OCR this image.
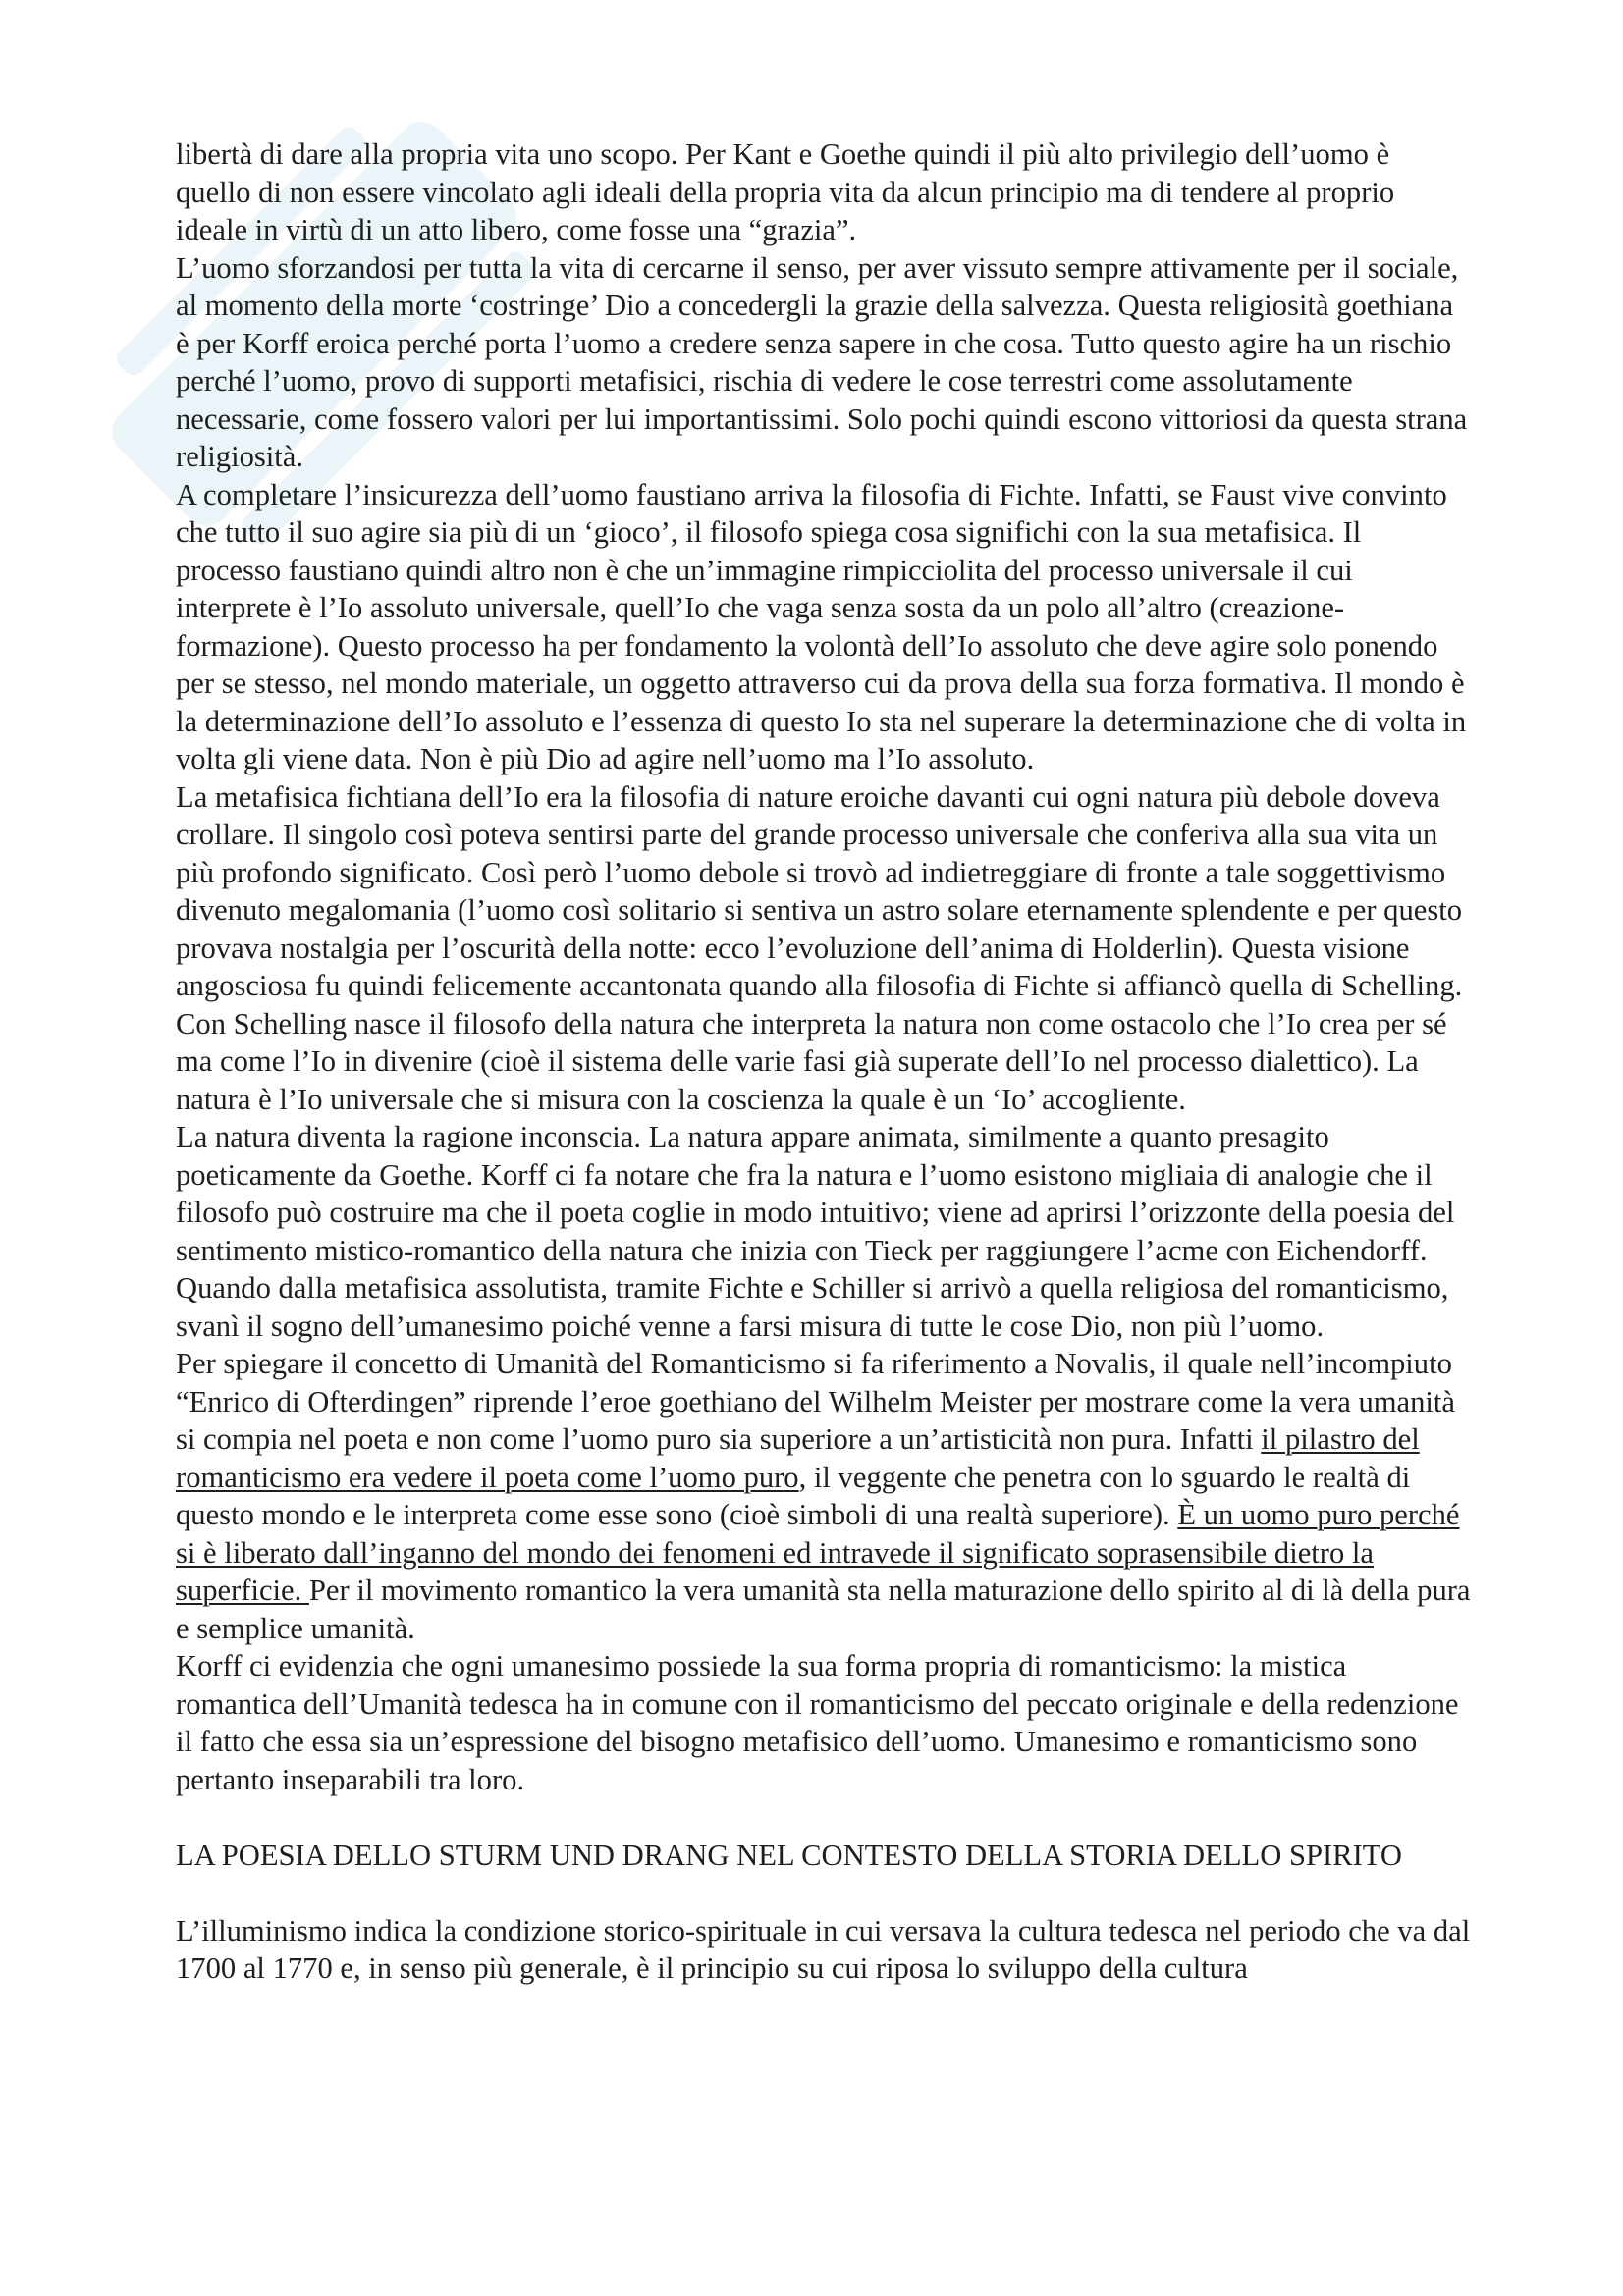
libertà di dare alla propria vita uno scopo. Per Kant e Goethe quindi il più alto privilegio dell’uomo è quello di non essere vincolato agli ideali della propria vita da alcun principio ma di tendere al proprio ideale in virtù di un atto libero, come fosse una “grazia”.

L’uomo sforzandosi per tutta la vita di cercarne il senso, per aver vissuto sempre attivamente per il sociale, al momento della morte ‘costringe’ Dio a concedergli la grazie della salvezza. Questa religiosità goethiana è per Korff eroica perché porta l’uomo a credere senza sapere in che cosa. Tutto questo agire ha un rischio perché l’uomo, provo di supporti metafisici, rischia di vedere le cose terrestri come assolutamente necessarie, come fossero valori per lui importantissimi. Solo pochi quindi escono vittoriosi da questa strana religiosità.

A completare l’insicurezza dell’uomo faustiano arriva la filosofia di Fichte. Infatti, se Faust vive convinto che tutto il suo agire sia più di un ‘gioco’, il filosofo spiega cosa significhi con la sua metafisica. Il processo faustiano quindi altro non è che un’immagine rimpicciolita del processo universale il cui interprete è l’Io assoluto universale, quell’Io che vaga senza sosta da un polo all’altro (creazione-formazione). Questo processo ha per fondamento la volontà dell’Io assoluto che deve agire solo ponendo per se stesso, nel mondo materiale, un oggetto attraverso cui da prova della sua forza formativa. Il mondo è la determinazione dell’Io assoluto e l’essenza di questo Io sta nel superare la determinazione che di volta in volta gli viene data. Non è più Dio ad agire nell’uomo ma l’Io assoluto.

La metafisica fichtiana dell’Io era la filosofia di nature eroiche davanti cui ogni natura più debole doveva crollare. Il singolo così poteva sentirsi parte del grande processo universale che conferiva alla sua vita un più profondo significato. Così però l’uomo debole si trovò ad indietreggiare di fronte a tale soggettivismo divenuto megalomania (l’uomo così solitario si sentiva un astro solare eternamente splendente e per questo provava nostalgia per l’oscurità della notte: ecco l’evoluzione dell’anima di Holderlin). Questa visione angosciosa fu quindi felicemente accantonata quando alla filosofia di Fichte si affiancò quella di Schelling. Con Schelling nasce il filosofo della natura che interpreta la natura non come ostacolo che l’Io crea per sé ma come l’Io in divenire (cioè il sistema delle varie fasi già superate dell’Io nel processo dialettico). La natura è l’Io universale che si misura con la coscienza la quale è un ‘Io’ accogliente.

La natura diventa la ragione inconscia. La natura appare animata, similmente a quanto presagito poeticamente da Goethe. Korff ci fa notare che fra la natura e l’uomo esistono migliaia di analogie che il filosofo può costruire ma che il poeta coglie in modo intuitivo; viene ad aprirsi l’orizzonte della poesia del sentimento mistico-romantico della natura che inizia con Tieck per raggiungere l’acme con Eichendorff. Quando dalla metafisica assolutista, tramite Fichte e Schiller si arrivò a quella religiosa del romanticismo, svanì il sogno dell’umanesimo poiché venne a farsi misura di tutte le cose Dio, non più l’uomo.

Per spiegare il concetto di Umanità del Romanticismo si fa riferimento a Novalis, il quale nell’incompiuto “Enrico di Ofterdingen” riprende l’eroe goethiano del Wilhelm Meister per mostrare come la vera umanità si compia nel poeta e non come l’uomo puro sia superiore a un’artisticità non pura. Infatti il pilastro del romanticismo era vedere il poeta come l’uomo puro, il veggente che penetra con lo sguardo le realtà di questo mondo e le interpreta come esse sono (cioè simboli di una realtà superiore). È un uomo puro perché si è liberato dall’inganno del mondo dei fenomeni ed intravede il significato soprasensibile dietro la superficie. Per il movimento romantico la vera umanità sta nella maturazione dello spirito al di là della pura e semplice umanità.

Korff ci evidenzia che ogni umanesimo possiede la sua forma propria di romanticismo: la mistica romantica dell’Umanità tedesca ha in comune con il romanticismo del peccato originale e della redenzione il fatto che essa sia un’espressione del bisogno metafisico dell’uomo. Umanesimo e romanticismo sono pertanto inseparabili tra loro.

LA POESIA DELLO STURM UND DRANG NEL CONTESTO DELLA STORIA DELLO SPIRITO

L’illuminismo indica la condizione storico-spirituale in cui versava la cultura tedesca nel periodo che va dal 1700 al 1770 e, in senso più generale, è il principio su cui riposa lo sviluppo della cultura
